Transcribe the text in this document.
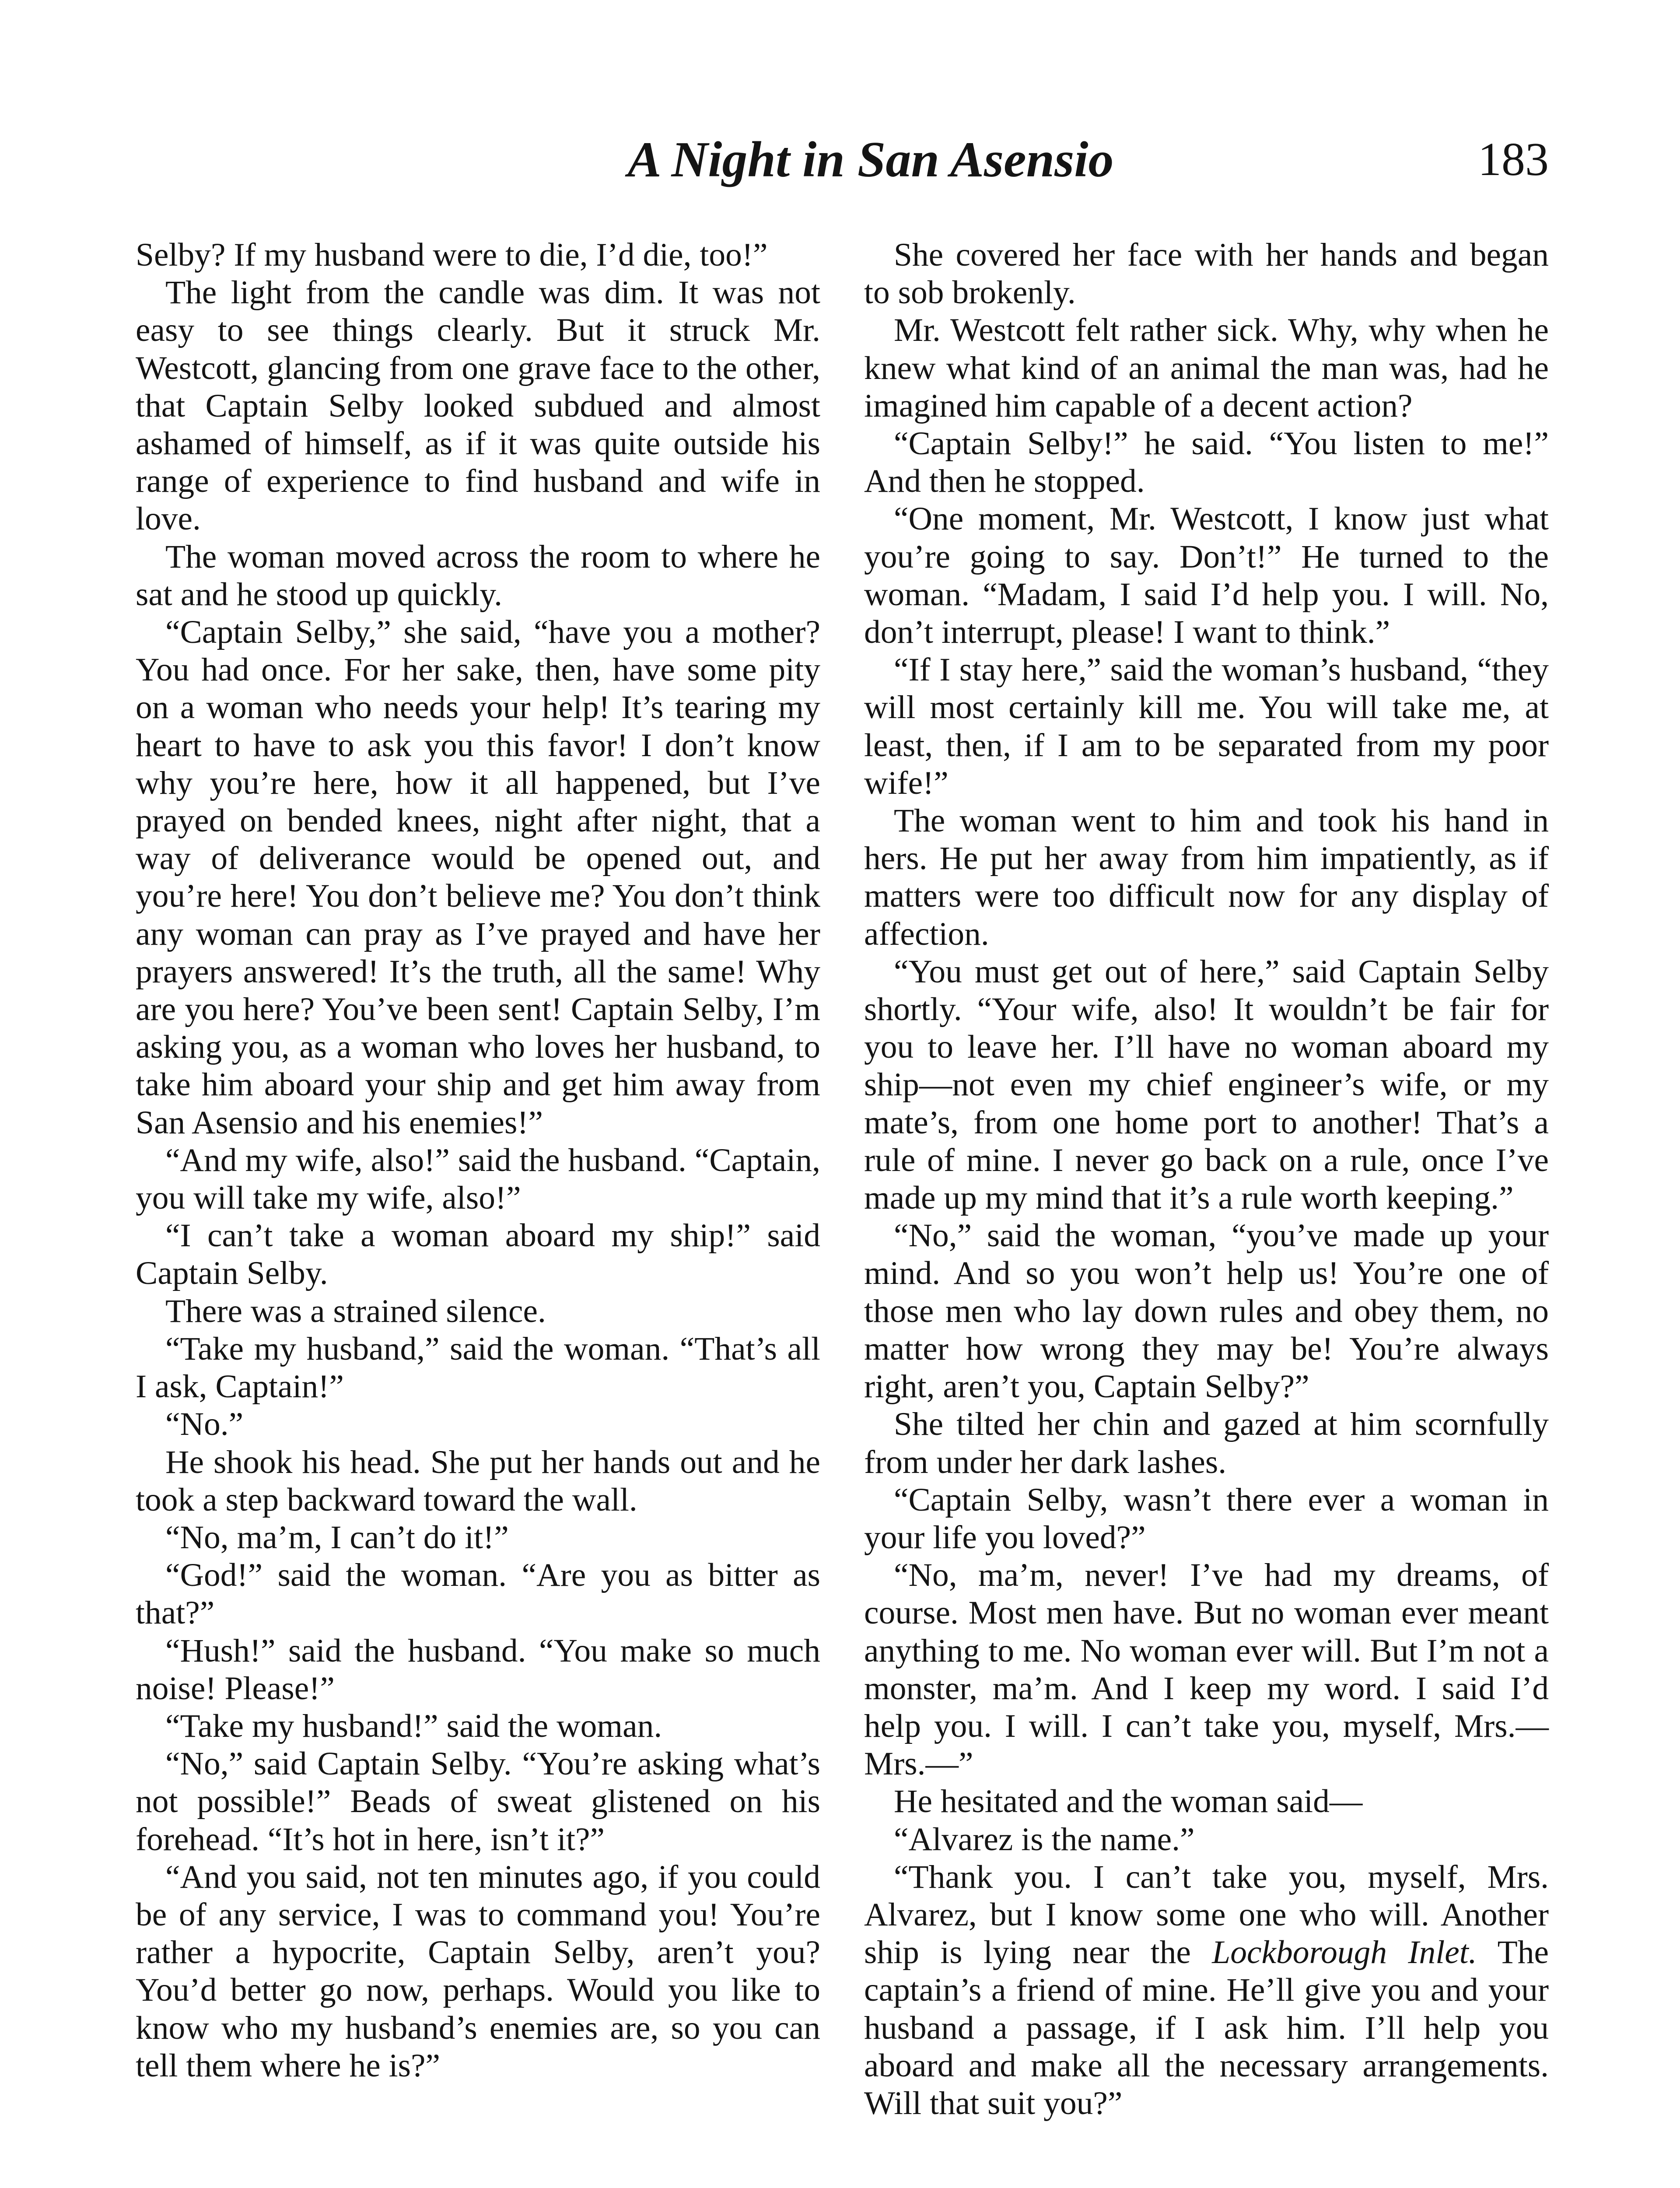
A Night in San Asensio	183

Selby? If my husband were to die, I’d die, too!”

The light from the candle was dim. It was not easy to see things clearly. But it struck Mr. Westcott, glancing from one grave face to the other, that Captain Selby looked subdued and almost ashamed of himself, as if it was quite outside his range of experience to find husband and wife in love.

The woman moved across the room to where he sat and he stood up quickly.

“Captain Selby,” she said, “have you a mother? You had once. For her sake, then, have some pity on a woman who needs your help! It’s tearing my heart to have to ask you this favor! I don’t know why you’re here, how it all happened, but I’ve prayed on bended knees, night after night, that a way of deliverance would be opened out, and you’re here! You don’t believe me? You don’t think any woman can pray as I’ve prayed and have her prayers answered! It’s the truth, all the same! Why are you here? You’ve been sent! Captain Selby, I’m asking you, as a woman who loves her husband, to take him aboard your ship and get him away from San Asensio and his enemies!”

“And my wife, also!” said the husband. “Captain, you will take my wife, also!”

“I can’t take a woman aboard my ship!” said Captain Selby.

There was a strained silence.

“Take my husband,” said the woman. “That’s all I ask, Captain!”

“No.”

He shook his head. She put her hands out and he took a step backward toward the wall.

“No, ma’m, I can’t do it!”

“God!” said the woman. “Are you as bitter as that?”

“Hush!” said the husband. “You make so much noise! Please!”

“Take my husband!” said the woman.

“No,” said Captain Selby. “You’re asking what’s not possible!” Beads of sweat glistened on his forehead. “It’s hot in here, isn’t it?”

“And you said, not ten minutes ago, if you could be of any service, I was to command you! You’re rather a hypocrite, Captain Selby, aren’t you? You’d better go now, perhaps. Would you like to know who my husband’s enemies are, so you can tell them where he is?”

She covered her face with her hands and began to sob brokenly.

Mr. Westcott felt rather sick. Why, why when he knew what kind of an animal the man was, had he imagined him capable of a decent action?

“Captain Selby!” he said. “You listen to me!” And then he stopped.

“One moment, Mr. Westcott, I know just what you’re going to say. Don’t!” He turned to the woman. “Madam, I said I’d help you. I will. No, don’t interrupt, please! I want to think.”

“If I stay here,” said the woman’s husband, “they will most certainly kill me. You will take me, at least, then, if I am to be separated from my poor wife!”

The woman went to him and took his hand in hers. He put her away from him impatiently, as if matters were too difficult now for any display of affection.

“You must get out of here,” said Captain Selby shortly. “Your wife, also! It wouldn’t be fair for you to leave her. I’ll have no woman aboard my ship—not even my chief engineer’s wife, or my mate’s, from one home port to another! That’s a rule of mine. I never go back on a rule, once I’ve made up my mind that it’s a rule worth keeping.”

“No,” said the woman, “you’ve made up your mind. And so you won’t help us! You’re one of those men who lay down rules and obey them, no matter how wrong they may be! You’re always right, aren’t you, Captain Selby?”

She tilted her chin and gazed at him scornfully from under her dark lashes.

“Captain Selby, wasn’t there ever a woman in your life you loved?”

“No, ma’m, never! I’ve had my dreams, of course. Most men have. But no woman ever meant anything to me. No woman ever will. But I’m not a monster, ma’m. And I keep my word. I said I’d help you. I will. I can’t take you, myself, Mrs.— Mrs.—”

He hesitated and the woman said—

“Alvarez is the name.”

“Thank you. I can’t take you, myself, Mrs. Alvarez, but I know some one who will. Another ship is lying near the Lockborough Inlet. The captain’s a friend of mine. He’ll give you and your husband a passage, if I ask him. I’ll help you aboard and make all the necessary arrangements. Will that suit you?”
